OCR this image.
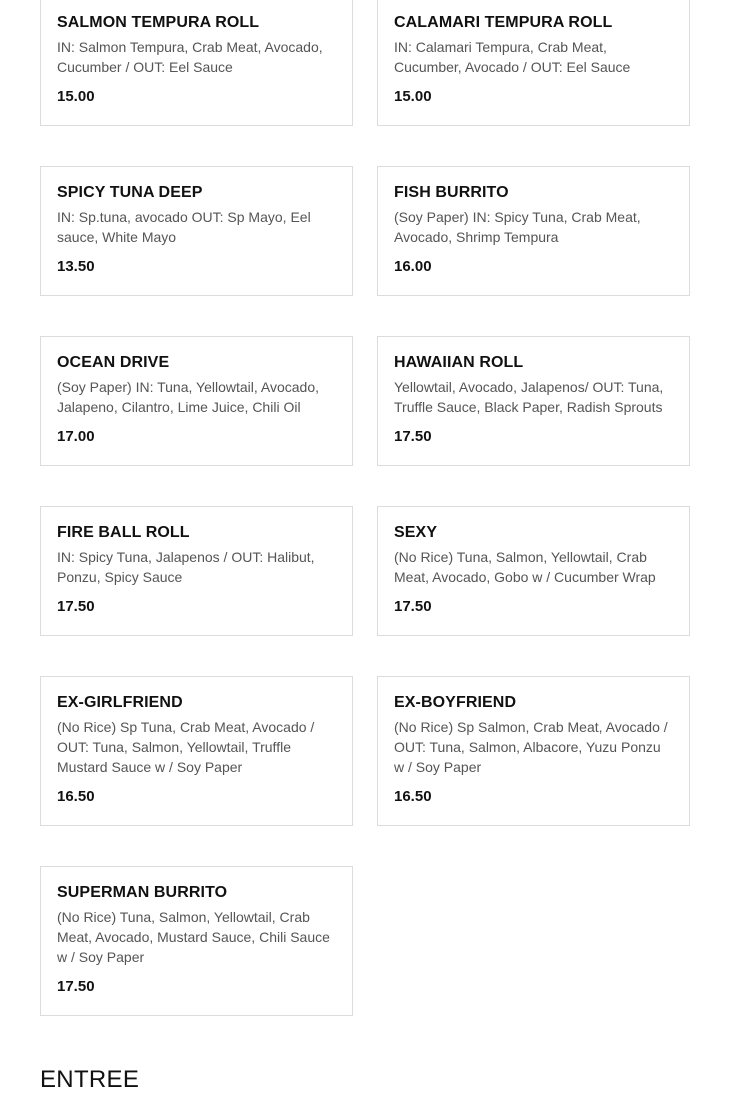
SALMON TEMPURA ROLL

IN: Salmon Tempura, Crab Meat, Avocado, Cucumber / OUT: Eel Sauce

15.00
CALAMARI TEMPURA ROLL

IN: Calamari Tempura, Crab Meat, Cucumber, Avocado / OUT: Eel Sauce

15.00
SPICY TUNA DEEP

IN: Sp.tuna, avocado OUT: Sp Mayo, Eel sauce, White Mayo

13.50
FISH BURRITO

(Soy Paper) IN: Spicy Tuna, Crab Meat, Avocado, Shrimp Tempura

16.00
OCEAN DRIVE

(Soy Paper) IN: Tuna, Yellowtail, Avocado, Jalapeno, Cilantro, Lime Juice, Chili Oil

17.00
HAWAIIAN ROLL

Yellowtail, Avocado, Jalapenos/ OUT: Tuna, Truffle Sauce, Black Paper, Radish Sprouts

17.50
FIRE BALL ROLL

IN: Spicy Tuna, Jalapenos / OUT: Halibut, Ponzu, Spicy Sauce

17.50
SEXY

(No Rice) Tuna, Salmon, Yellowtail, Crab Meat, Avocado, Gobo w / Cucumber Wrap

17.50
EX-GIRLFRIEND

(No Rice) Sp Tuna, Crab Meat, Avocado / OUT: Tuna, Salmon, Yellowtail, Truffle Mustard Sauce w / Soy Paper

16.50
EX-BOYFRIEND

(No Rice) Sp Salmon, Crab Meat, Avocado / OUT: Tuna, Salmon, Albacore, Yuzu Ponzu w / Soy Paper

16.50
SUPERMAN BURRITO

(No Rice) Tuna, Salmon, Yellowtail, Crab Meat, Avocado, Mustard Sauce, Chili Sauce w / Soy Paper

17.50
ENTREE
